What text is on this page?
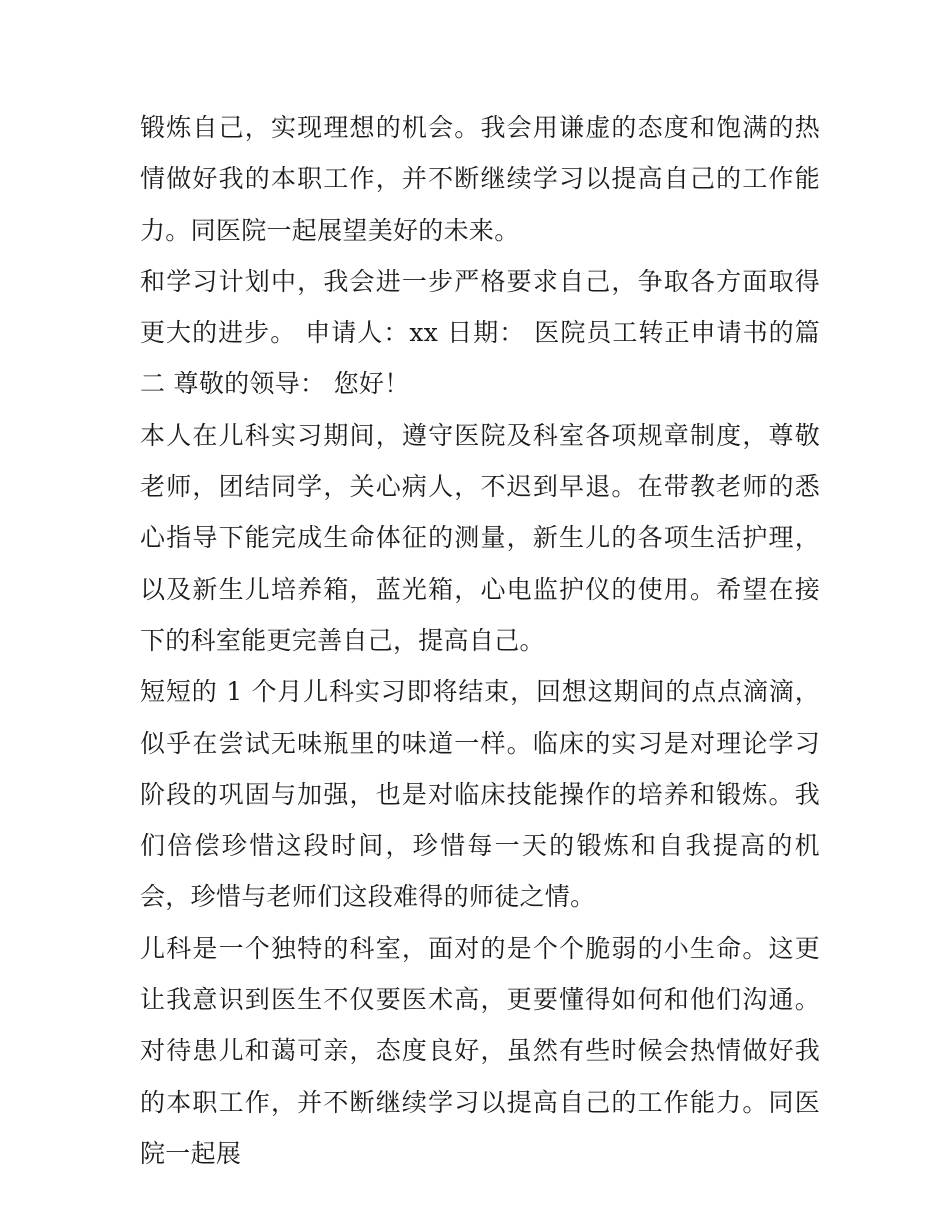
锻炼自己，实现理想的机会。我会用谦虚的态度和饱满的热情做好我的本职工作，并不断继续学习以提高自己的工作能力。同医院一起展望美好的未来。

和学习计划中，我会进一步严格要求自己，争取各方面取得更大的进步。 申请人：xx 日期： 医院员工转正申请书的篇二 尊敬的领导： 您好！

本人在儿科实习期间，遵守医院及科室各项规章制度，尊敬老师，团结同学，关心病人，不迟到早退。在带教老师的悉心指导下能完成生命体征的测量，新生儿的各项生活护理，以及新生儿培养箱，蓝光箱，心电监护仪的使用。希望在接下的科室能更完善自己，提高自己。

短短的 1 个月儿科实习即将结束，回想这期间的点点滴滴，似乎在尝试无味瓶里的味道一样。临床的实习是对理论学习阶段的巩固与加强，也是对临床技能操作的培养和锻炼。我们倍偿珍惜这段时间，珍惜每一天的锻炼和自我提高的机会，珍惜与老师们这段难得的师徒之情。

儿科是一个独特的科室，面对的是个个脆弱的小生命。这更让我意识到医生不仅要医术高，更要懂得如何和他们沟通。对待患儿和蔼可亲，态度良好，虽然有些时候会热情做好我的本职工作，并不断继续学习以提高自己的工作能力。同医院一起展
